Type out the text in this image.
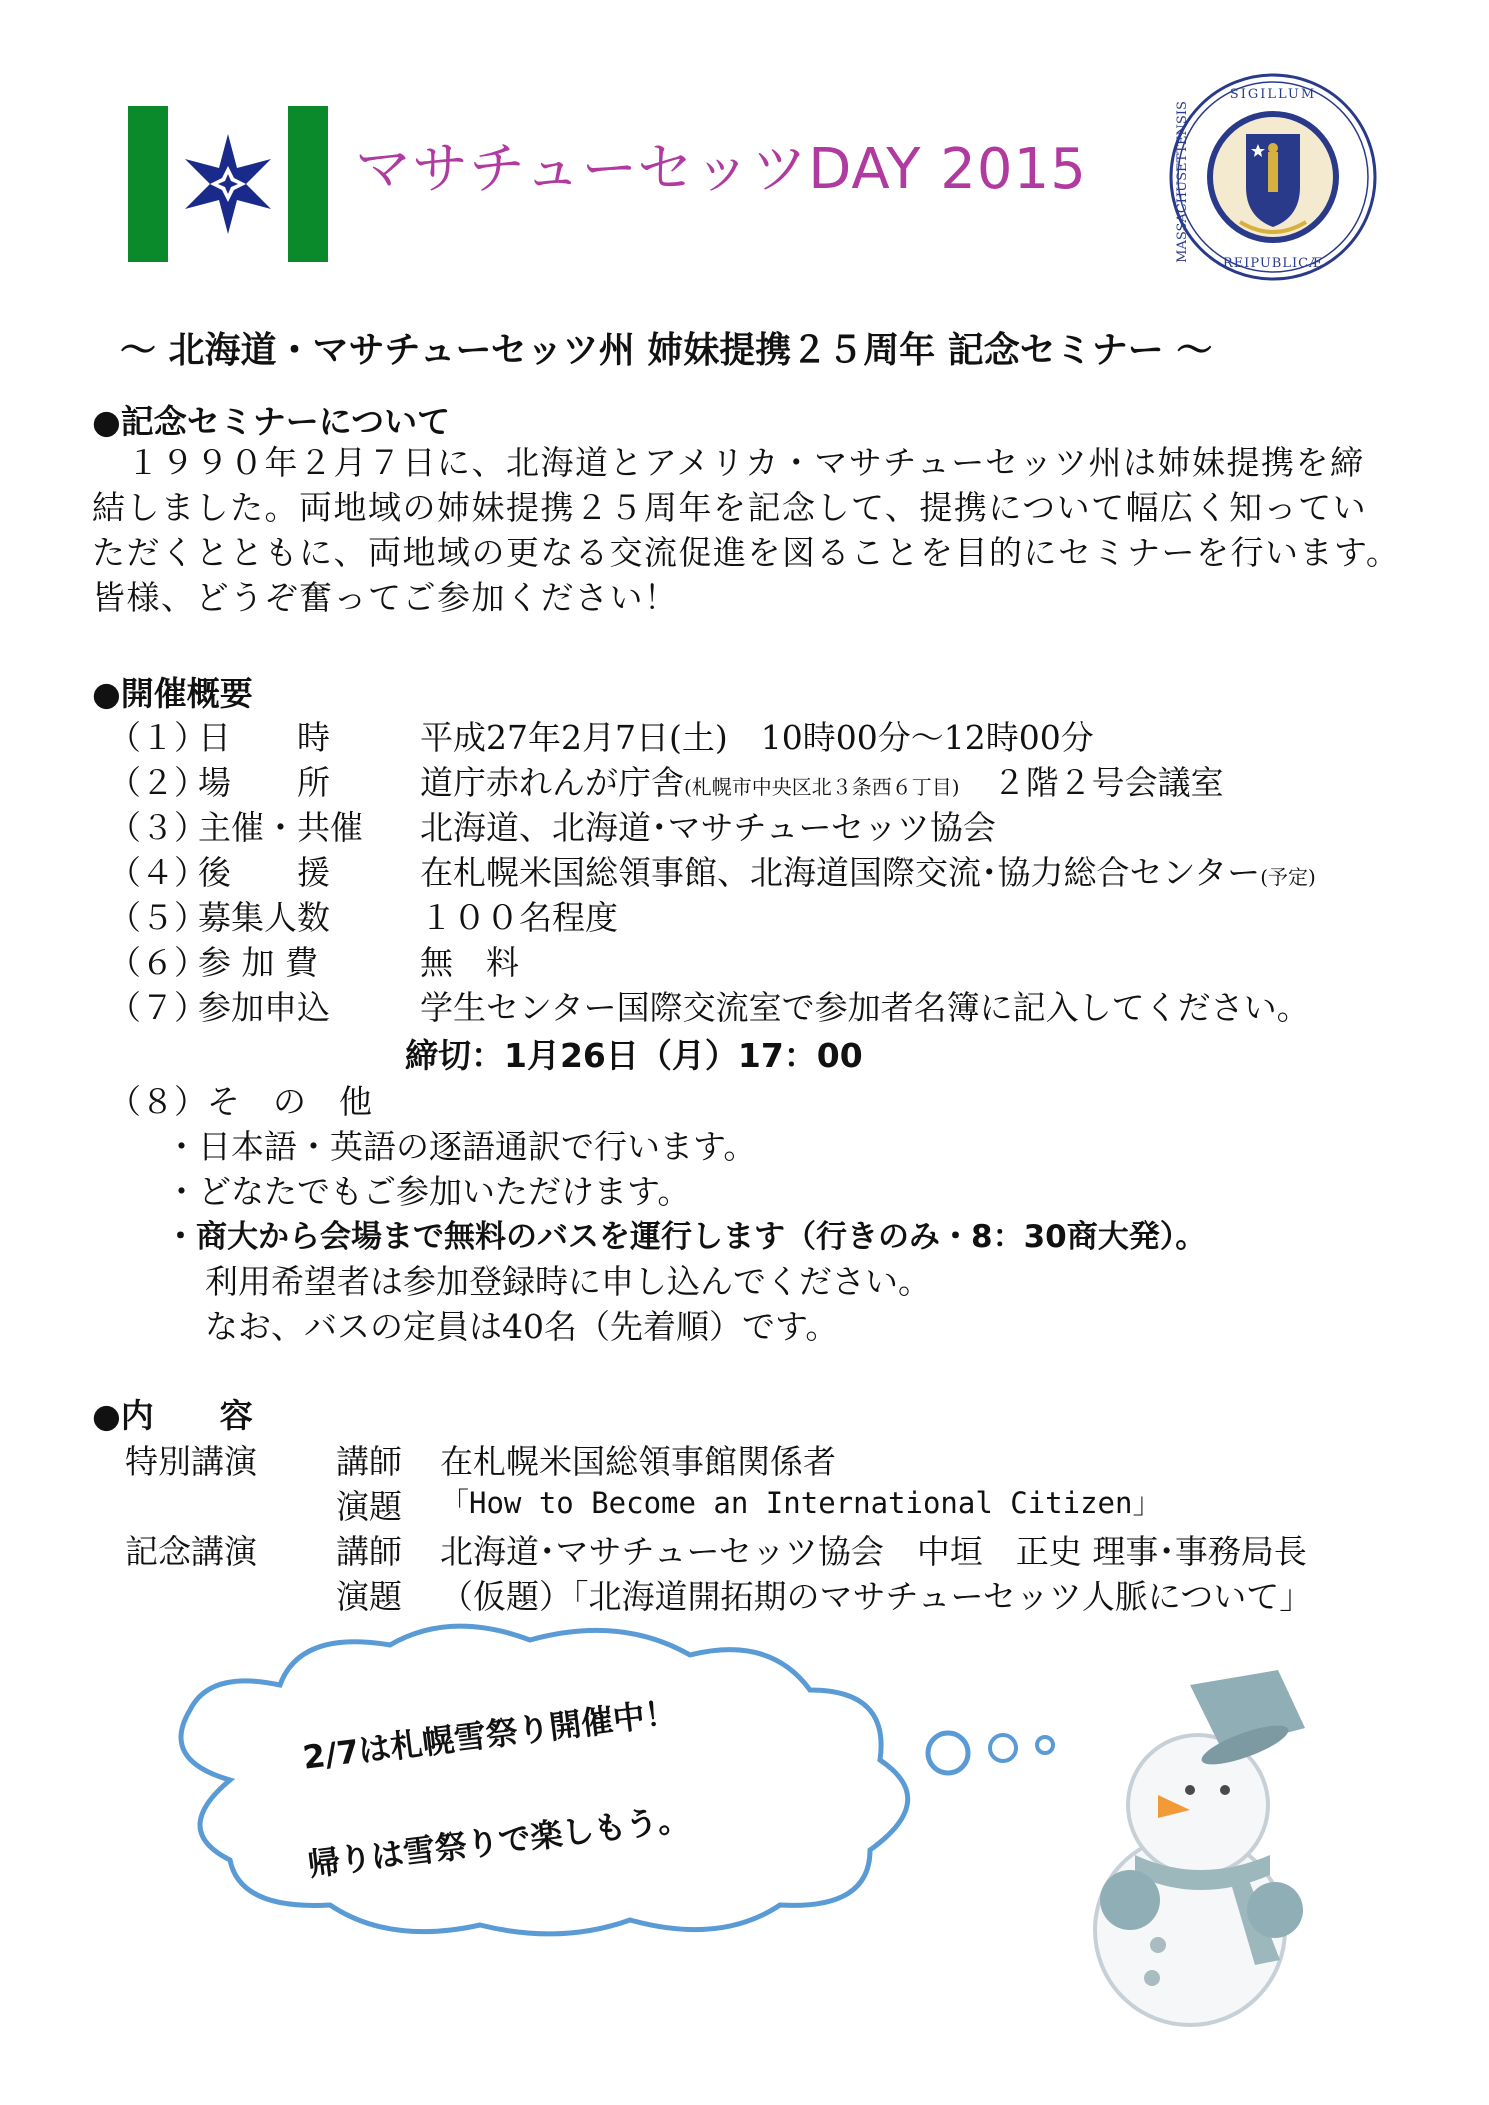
マサチューセッツDAY 2015
SIGILLUM
REIPUBLICÆ
MASSACHUSETTENSIS
～ 北海道・マサチューセッツ州 姉妹提携２５周年 記念セミナー ～
●記念セミナーについて
　１９９０年２月７日に、北海道とアメリカ・マサチューセッツ州は姉妹提携を締
結しました。両地域の姉妹提携２５周年を記念して、提携について幅広く知ってい
ただくとともに、両地域の更なる交流促進を図ることを目的にセミナーを行います。
皆様、どうぞ奮ってご参加ください！
●開催概要
（１）
日　　時	平成27年2月7日(土)　10時00分～12時00分
（２）
場　　所	道庁赤れんが庁舎(札幌市中央区北３条西６丁目)　２階２号会議室
（３）
主催・共催 北海道、北海道･マサチューセッツ協会
（４）
後　　援	在札幌米国総領事館、北海道国際交流･協力総合センター(予定)
（５）
募集人数	１００名程度
（６）
参 加 費	無　料
（７）
参加申込	学生センター国際交流室で参加者名簿に記入してください。
締切：1月26日（月）17：00
（８）そ　の　他
・日本語・英語の逐語通訳で行います。
・どなたでもご参加いただけます。
・商大から会場まで無料のバスを運行します（行きのみ・8：30商大発）。
利用希望者は参加登録時に申し込んでください。
なお、バスの定員は40名（先着順）です。
●内　　容
特別講演 講師 在札幌米国総領事館関係者
演題 「How to Become an International Citizen」
記念講演 講師 北海道･マサチューセッツ協会　中垣　正史 理事･事務局長
演題 （仮題）「北海道開拓期のマサチューセッツ人脈について」
2/7は札幌雪祭り開催中！
帰りは雪祭りで楽しもう。
